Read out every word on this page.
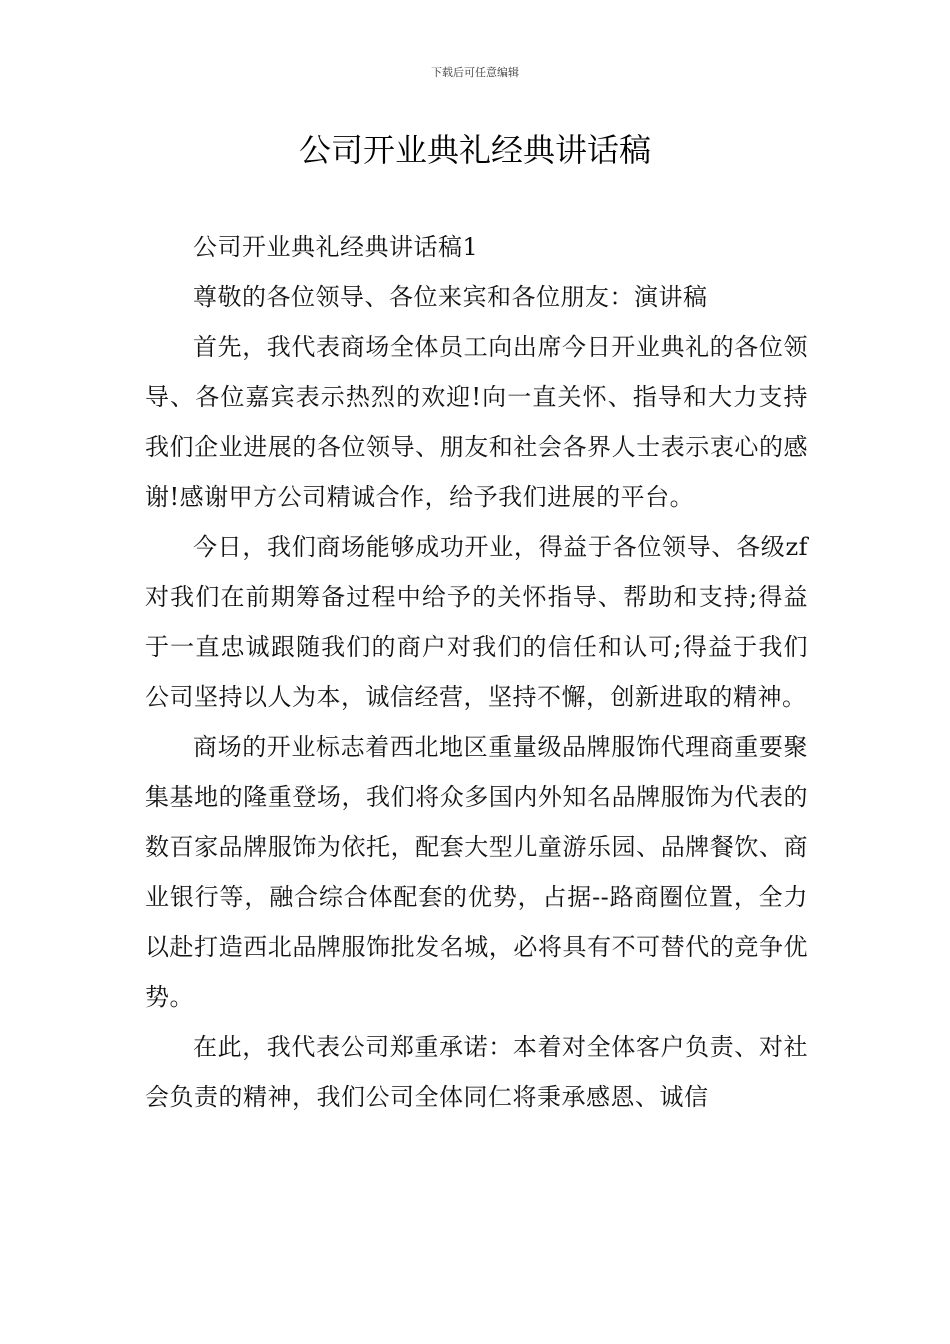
下载后可任意编辑
公司开业典礼经典讲话稿

公司开业典礼经典讲话稿1

尊敬的各位领导、各位来宾和各位朋友：演讲稿

首先，我代表商场全体员工向出席今日开业典礼的各位领导、各位嘉宾表示热烈的欢迎!向一直关怀、指导和大力支持我们企业进展的各位领导、朋友和社会各界人士表示衷心的感谢!感谢甲方公司精诚合作，给予我们进展的平台。

今日，我们商场能够成功开业，得益于各位领导、各级zf对我们在前期筹备过程中给予的关怀指导、帮助和支持;得益于一直忠诚跟随我们的商户对我们的信任和认可;得益于我们公司坚持以人为本，诚信经营，坚持不懈，创新进取的精神。

商场的开业标志着西北地区重量级品牌服饰代理商重要聚集基地的隆重登场，我们将众多国内外知名品牌服饰为代表的数百家品牌服饰为依托，配套大型儿童游乐园、品牌餐饮、商业银行等，融合综合体配套的优势，占据--路商圈位置，全力以赴打造西北品牌服饰批发名城，必将具有不可替代的竞争优势。

在此，我代表公司郑重承诺：本着对全体客户负责、对社会负责的精神，我们公司全体同仁将秉承感恩、诚信
